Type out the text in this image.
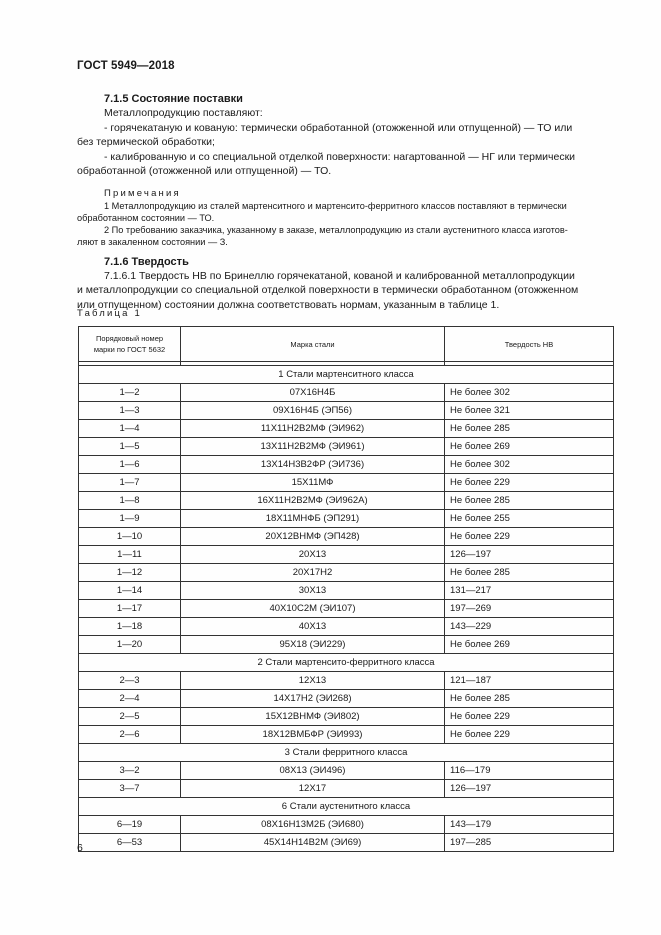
ГОСТ 5949—2018

7.1.5 Состояние поставки

Металлопродукцию поставляют:

- горячекатаную и кованую: термически обработанной (отожженной или отпущенной) — ТО или

без термической обработки;

- калиброванную и со специальной отделкой поверхности: нагартованной — НГ или термически

обработанной (отожженной или отпущенной) — ТО.

Примечания

1 Металлопродукцию из сталей мартенситного и мартенсито-ферритного классов поставляют в термически

обработанном состоянии — ТО.

2 По требованию заказчика, указанному в заказе, металлопродукцию из стали аустенитного класса изготов-

ляют в закаленном состоянии — З.

7.1.6 Твердость

7.1.6.1 Твердость НВ по Бринеллю горячекатаной, кованой и калиброванной металлопродукции

и металлопродукции со специальной отделкой поверхности в термически обработанном (отожженном

или отпущенном) состоянии должна соответствовать нормам, указанным в таблице 1.

Таблица 1
Порядковый номер
марки по ГОСТ 5632	Марка стали	Твердость НВ

1 Стали мартенситного класса		
1—2	07Х16Н4Б	Не более 302
1—3	09Х16Н4Б (ЭП56)	Не более 321
1—4	11Х11Н2В2МФ (ЭИ962)	Не более 285
1—5	13Х11Н2В2МФ (ЭИ961)	Не более 269
1—6	13Х14Н3В2ФР (ЭИ736)	Не более 302
1—7	15Х11МФ	Не более 229
1—8	16Х11Н2В2МФ (ЭИ962А)	Не более 285
1—9	18Х11МНФБ (ЭП291)	Не более 255
1—10	20Х12ВНМФ (ЭП428)	Не более 229
1—11	20Х13	126—197
1—12	20Х17Н2	Не более 285
1—14	30Х13	131—217
1—17	40Х10С2М (ЭИ107)	197—269
1—18	40Х13	143—229
1—20	95Х18 (ЭИ229)	Не более 269
2 Стали мартенсито-ферритного класса		
2—3	12Х13	121—187
2—4	14Х17Н2 (ЭИ268)	Не более 285
2—5	15Х12ВНМФ (ЭИ802)	Не более 229
2—6	18Х12ВМБФР (ЭИ993)	Не более 229
3 Стали ферритного класса		
3—2	08Х13 (ЭИ496)	116—179
3—7	12Х17	126—197
6 Стали аустенитного класса		
6—19	08Х16Н13М2Б (ЭИ680)	143—179
6—53	45Х14Н14В2М (ЭИ69)	197—285
6
